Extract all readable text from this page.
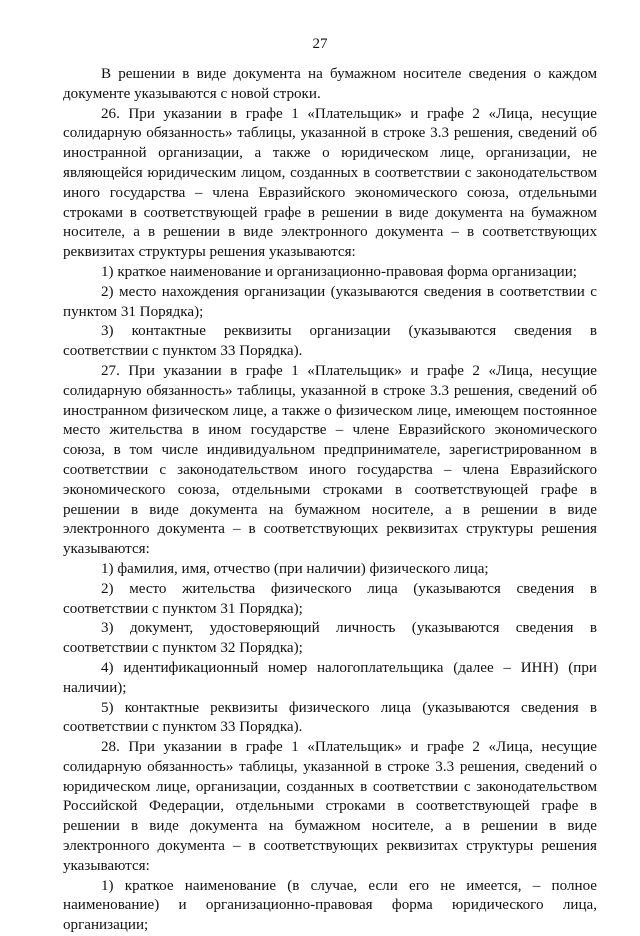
27

В решении в виде документа на бумажном носителе сведения о каждом документе указываются с новой строки.

26. При указании в графе 1 «Плательщик» и графе 2 «Лица, несущие солидарную обязанность» таблицы, указанной в строке 3.3 решения, сведений об иностранной организации, а также о юридическом лице, организации, не являющейся юридическим лицом, созданных в соответствии с законодательством иного государства – члена Евразийского экономического союза, отдельными строками в соответствующей графе в решении в виде документа на бумажном носителе, а в решении в виде электронного документа – в соответствующих реквизитах структуры решения указываются:

1) краткое наименование и организационно-правовая форма организации;

2) место нахождения организации (указываются сведения в соответствии с пунктом 31 Порядка);

3) контактные реквизиты организации (указываются сведения в соответствии с пунктом 33 Порядка).

27. При указании в графе 1 «Плательщик» и графе 2 «Лица, несущие солидарную обязанность» таблицы, указанной в строке 3.3 решения, сведений об иностранном физическом лице, а также о физическом лице, имеющем постоянное место жительства в ином государстве – члене Евразийского экономического союза, в том числе индивидуальном предпринимателе, зарегистрированном в соответствии с законодательством иного государства – члена Евразийского экономического союза, отдельными строками в соответствующей графе в решении в виде документа на бумажном носителе, а в решении в виде электронного документа – в соответствующих реквизитах структуры решения указываются:

1) фамилия, имя, отчество (при наличии) физического лица;

2) место жительства физического лица (указываются сведения в соответствии с пунктом 31 Порядка);

3) документ, удостоверяющий личность (указываются сведения в соответствии с пунктом 32 Порядка);

4) идентификационный номер налогоплательщика (далее – ИНН) (при наличии);

5) контактные реквизиты физического лица (указываются сведения в соответствии с пунктом 33 Порядка).

28. При указании в графе 1 «Плательщик» и графе 2 «Лица, несущие солидарную обязанность» таблицы, указанной в строке 3.3 решения, сведений о юридическом лице, организации, созданных в соответствии с законодательством Российской Федерации, отдельными строками в соответствующей графе в решении в виде документа на бумажном носителе, а в решении в виде электронного документа – в соответствующих реквизитах структуры решения указываются:

1) краткое наименование (в случае, если его не имеется, – полное наименование) и организационно-правовая форма юридического лица, организации;
